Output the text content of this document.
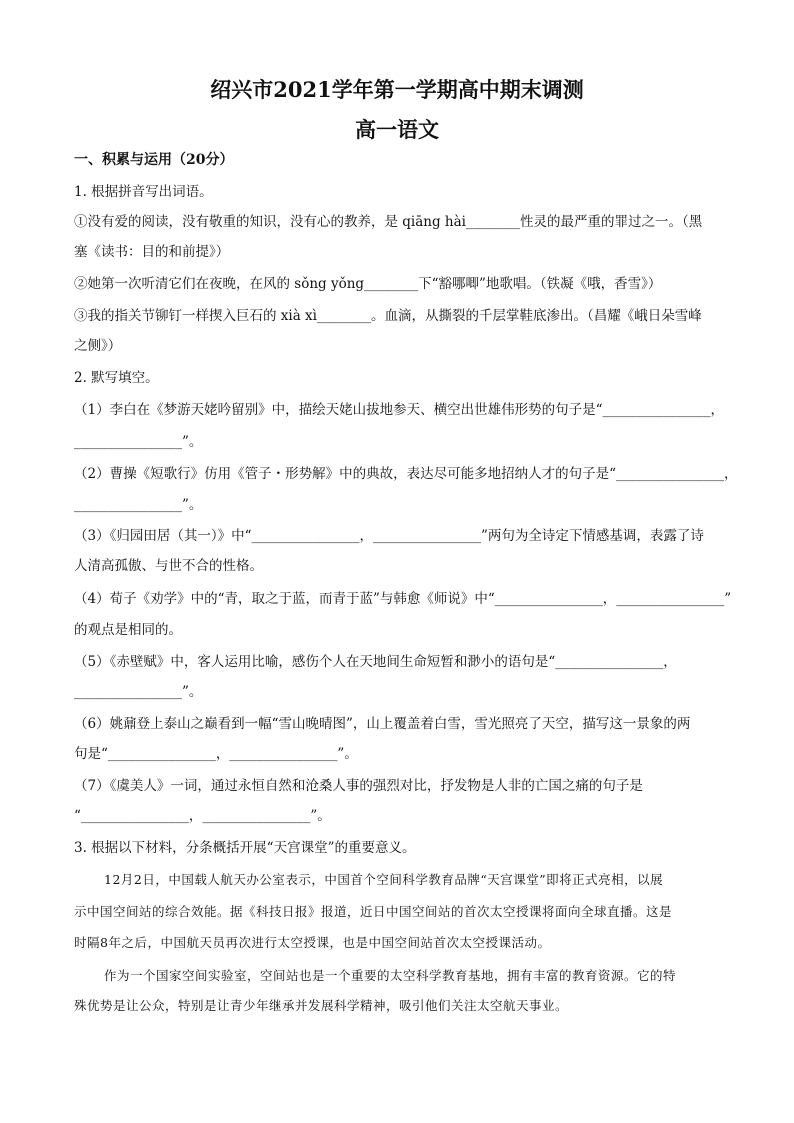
绍兴市2021学年第一学期高中期末调测
高一语文
一、积累与运用（20分）
1. 根据拼音写出词语。
①没有爱的阅读，没有敬重的知识，没有心的教养，是 qiāng hài________性灵的最严重的罪过之一。（黑
塞《读书：目的和前提》）
②她第一次听清它们在夜晚，在风的 sǒng yǒng________下“豁哪唧”地歌唱。（铁凝《哦，香雪》）
③我的指关节铆钉一样揳入巨石的 xià xì________。血滴，从撕裂的千层掌鞋底渗出。（昌耀《峨日朵雪峰
之侧》）
2. 默写填空。
（1）李白在《梦游天姥吟留别》中，描绘天姥山拔地参天、横空出世雄伟形势的句子是“________________，
________________”。
（2）曹操《短歌行》仿用《管子・形势解》中的典故，表达尽可能多地招纳人才的句子是“________________，
________________”。
（3）《归园田居（其一）》中“________________，________________”两句为全诗定下情感基调，表露了诗
人清高孤傲、与世不合的性格。
（4）荀子《劝学》中的“青，取之于蓝，而青于蓝”与韩愈《师说》中“________________，________________”
的观点是相同的。
（5）《赤壁赋》中，客人运用比喻，感伤个人在天地间生命短暂和渺小的语句是“________________，
________________”。
（6）姚鼐登上泰山之巅看到一幅“雪山晚晴图”，山上覆盖着白雪，雪光照亮了天空，描写这一景象的两
句是“________________，________________”。
（7）《虞美人》一词，通过永恒自然和沧桑人事的强烈对比，抒发物是人非的亡国之痛的句子是
“________________，________________”。
3. 根据以下材料，分条概括开展“天宫课堂”的重要意义。
12月2日，中国载人航天办公室表示，中国首个空间科学教育品牌“天宫课堂”即将正式亮相，以展
示中国空间站的综合效能。据《科技日报》报道，近日中国空间站的首次太空授课将面向全球直播。这是
时隔8年之后，中国航天员再次进行太空授课，也是中国空间站首次太空授课活动。
作为一个国家空间实验室，空间站也是一个重要的太空科学教育基地，拥有丰富的教育资源。它的特
殊优势是让公众，特别是让青少年继承并发展科学精神，吸引他们关注太空航天事业。
